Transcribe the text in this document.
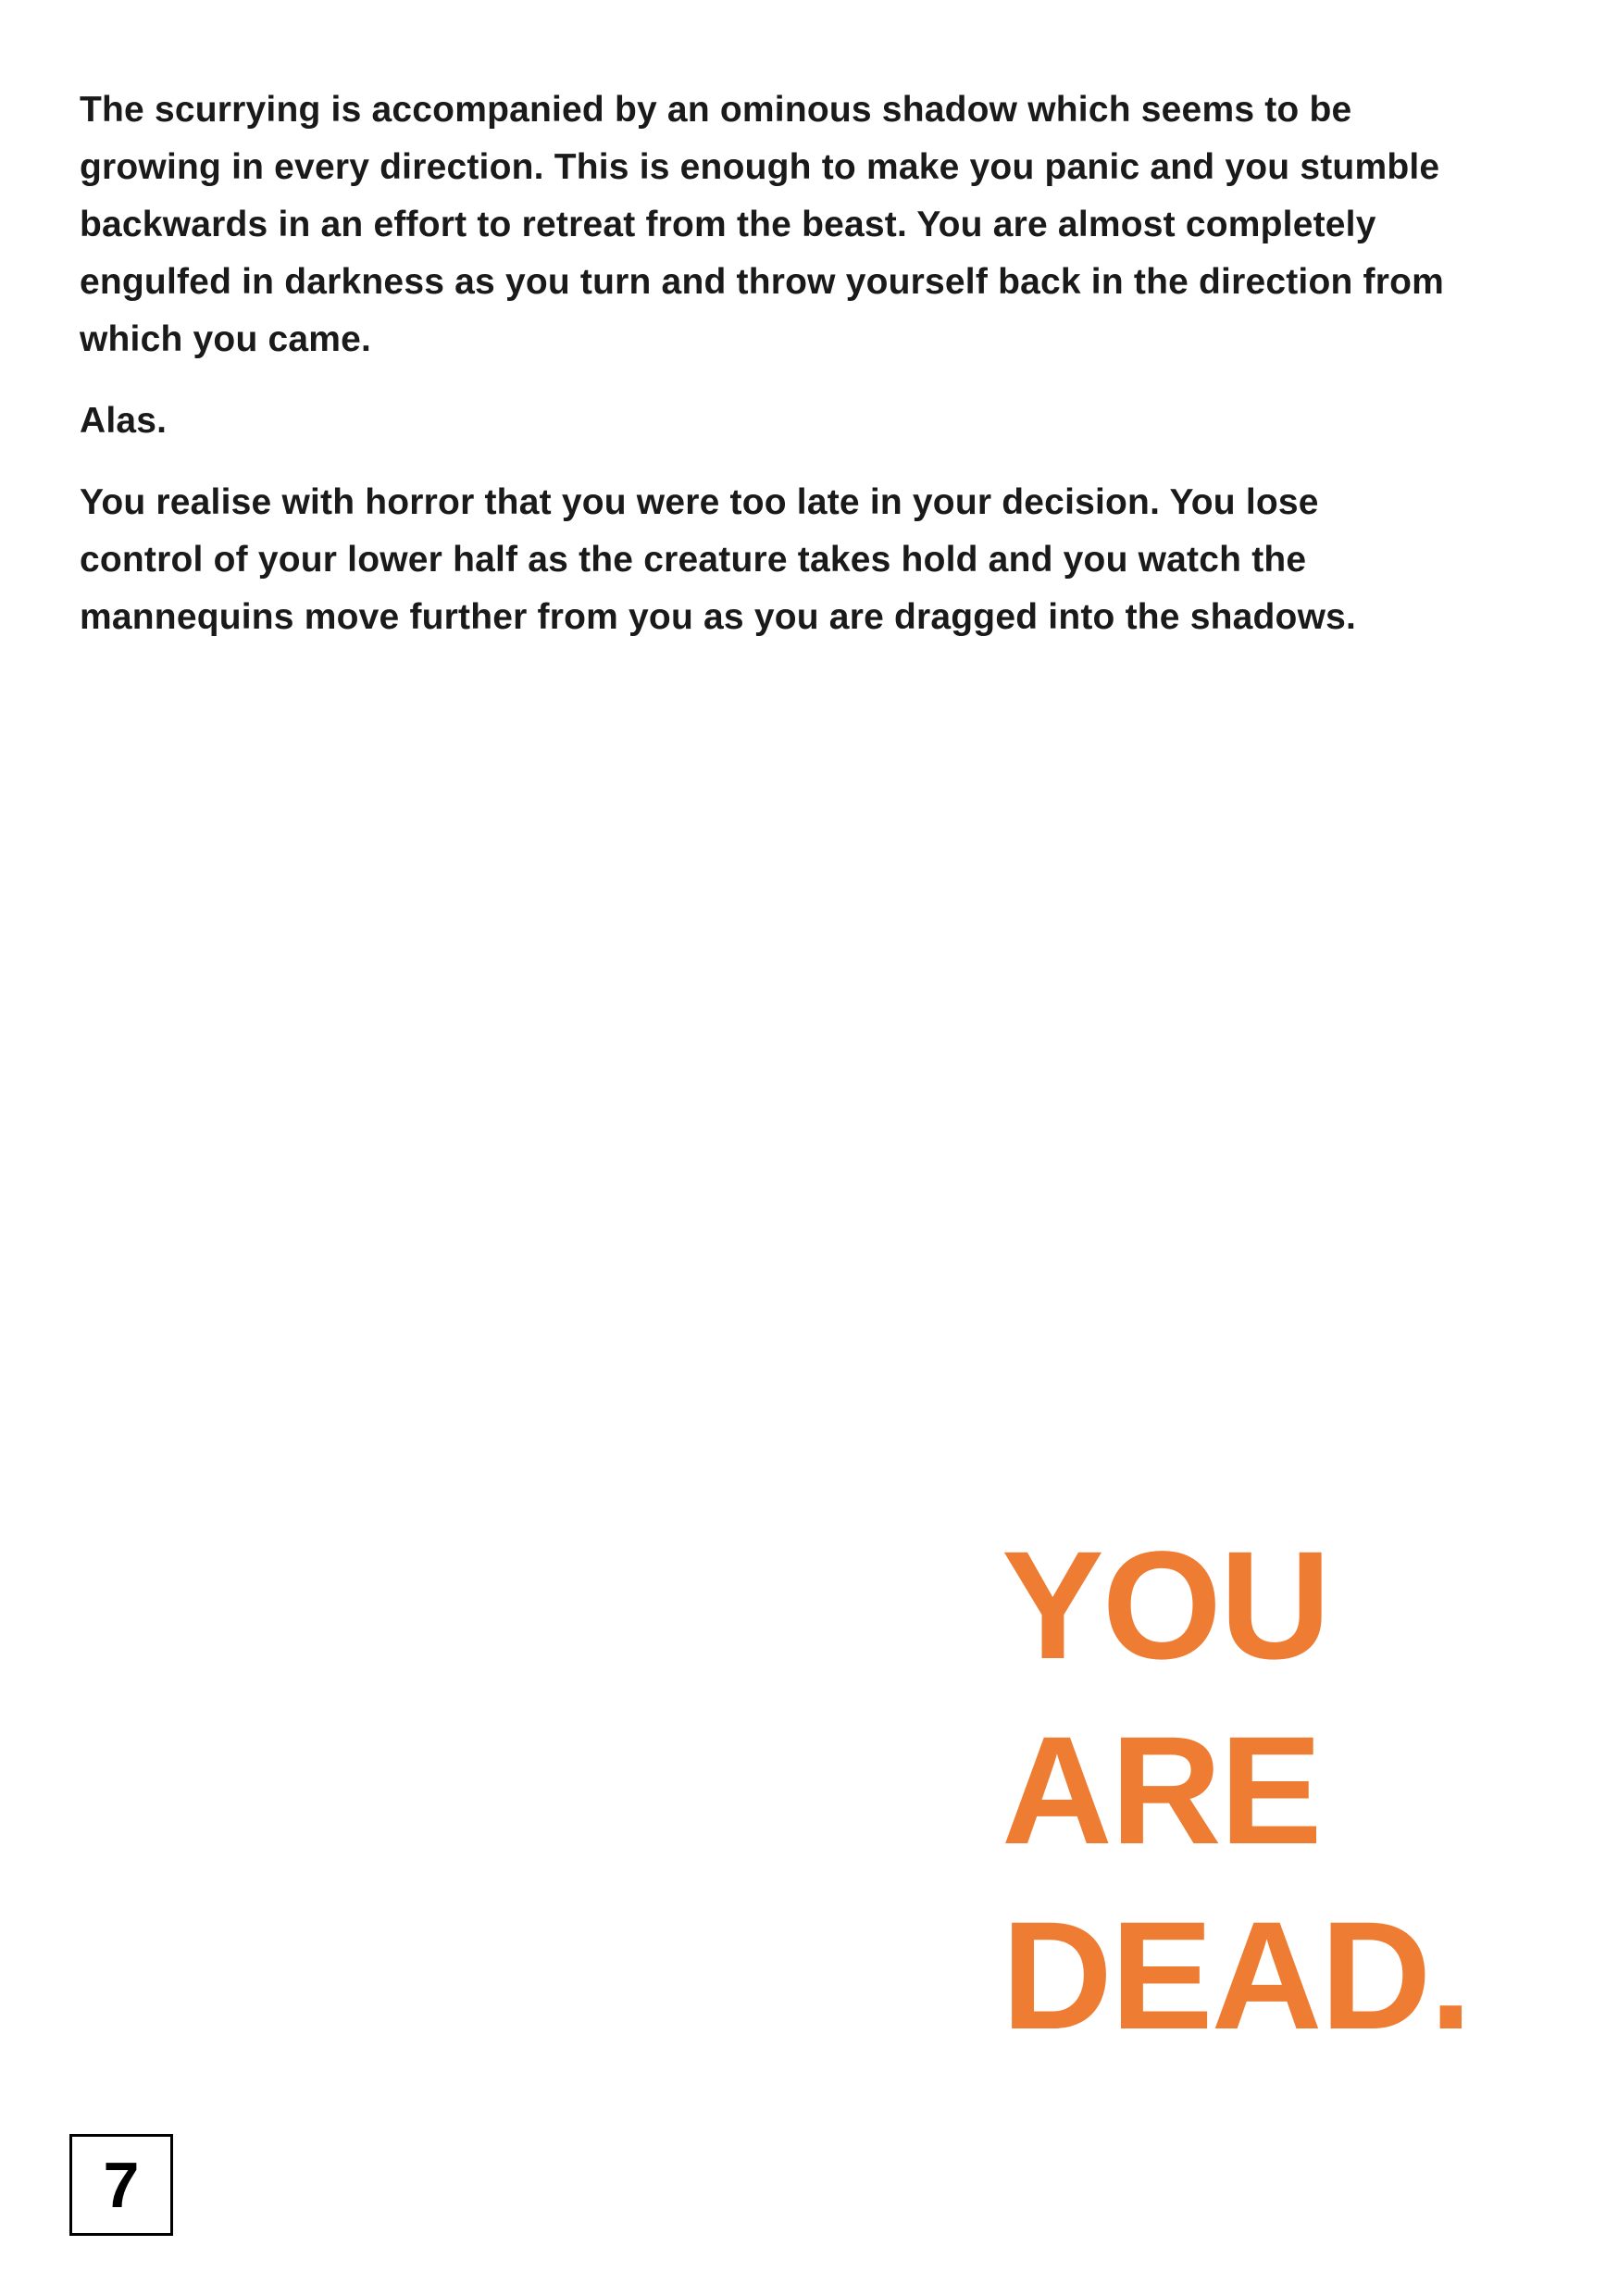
The scurrying is accompanied by an ominous shadow which seems to be
growing in every direction. This is enough to make you panic and you stumble
backwards in an effort to retreat from the beast. You are almost completely
engulfed in darkness as you turn and throw yourself back in the direction from
which you came.

Alas.

You realise with horror that you were too late in your decision. You lose
control of your lower half as the creature takes hold and you watch the
mannequins move further from you as you are dragged into the shadows.

YOU
ARE
DEAD.
7
